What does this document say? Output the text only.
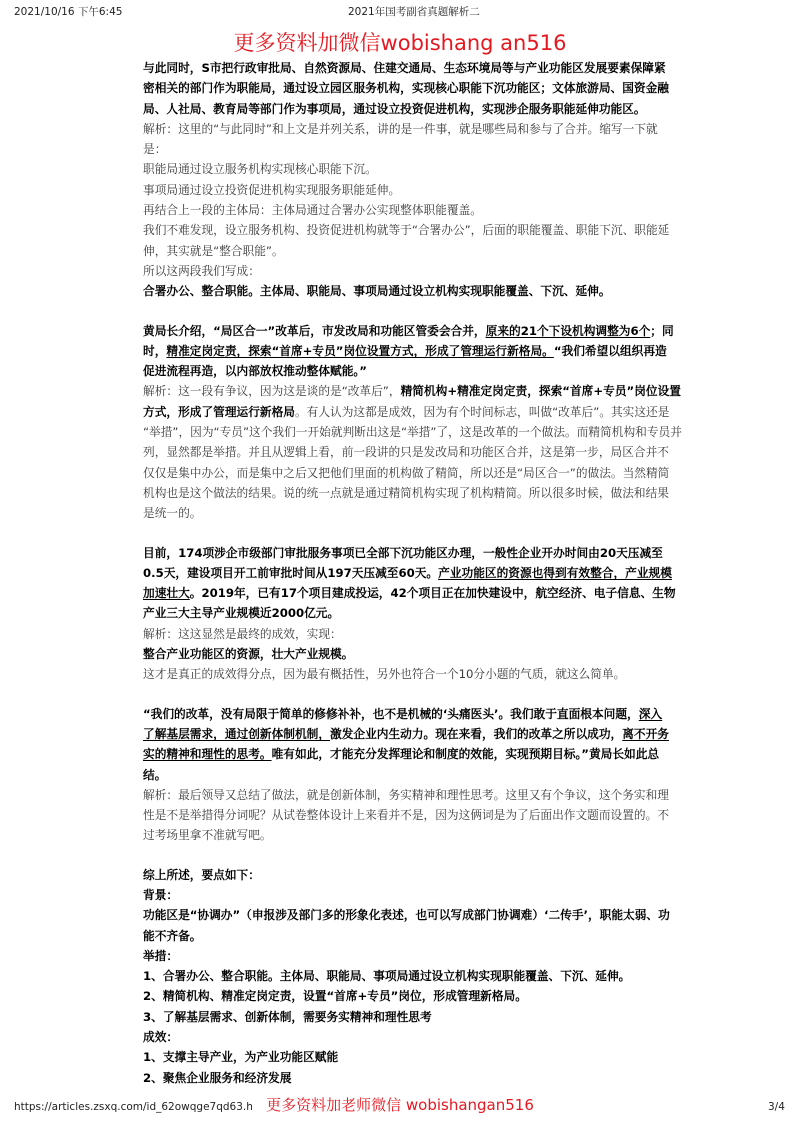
2021/10/16 下午6:45	2021年国考副省真题解析二
更多资料加微信wobishang an516
与此同时，S市把行政审批局、自然资源局、住建交通局、生态环境局等与产业功能区发展要素保障紧
密相关的部门作为职能局，通过设立园区服务机构，实现核心职能下沉功能区；文体旅游局、国资金融
局、人社局、教育局等部门作为事项局，通过设立投资促进机构，实现涉企服务职能延伸功能区。
解析：这里的“与此同时”和上文是并列关系，讲的是一件事，就是哪些局和参与了合并。缩写一下就
是：
职能局通过设立服务机构实现核心职能下沉。
事项局通过设立投资促进机构实现服务职能延伸。
再结合上一段的主体局：主体局通过合署办公实现整体职能覆盖。
我们不难发现，设立服务机构、投资促进机构就等于“合署办公”，后面的职能覆盖、职能下沉、职能延
伸，其实就是“整合职能”。
所以这两段我们写成：
合署办公、整合职能。主体局、职能局、事项局通过设立机构实现职能覆盖、下沉、延伸。
黄局长介绍，“局区合一”改革后，市发改局和功能区管委会合并，原来的21个下设机构调整为6个；同
时，精准定岗定责，探索“首席+专员”岗位设置方式，形成了管理运行新格局。“我们希望以组织再造
促进流程再造，以内部放权推动整体赋能。”
解析：这一段有争议，因为这是谈的是“改革后”，精简机构+精准定岗定责，探索“首席+专员”岗位设置
方式，形成了管理运行新格局。有人认为这都是成效，因为有个时间标志，叫做“改革后”。其实这还是
“举措”，因为“专员”这个我们一开始就判断出这是“举措”了，这是改革的一个做法。而精简机构和专员并
列，显然都是举措。并且从逻辑上看，前一段讲的只是发改局和功能区合并，这是第一步，局区合并不
仅仅是集中办公，而是集中之后又把他们里面的机构做了精简，所以还是“局区合一”的做法。当然精简
机构也是这个做法的结果。说的统一点就是通过精简机构实现了机构精简。所以很多时候，做法和结果
是统一的。
目前，174项涉企市级部门审批服务事项已全部下沉功能区办理，一般性企业开办时间由20天压减至
0.5天，建设项目开工前审批时间从197天压减至60天。产业功能区的资源也得到有效整合，产业规模
加速壮大。2019年，已有17个项目建成投运，42个项目正在加快建设中，航空经济、电子信息、生物
产业三大主导产业规模近2000亿元。
解析：这这显然是最终的成效，实现：
整合产业功能区的资源，壮大产业规模。
这才是真正的成效得分点，因为最有概括性，另外也符合一个10分小题的气质，就这么简单。
“我们的改革，没有局限于简单的修修补补，也不是机械的‘头痛医头’。我们敢于直面根本问题，深入
了解基层需求，通过创新体制机制，激发企业内生动力。现在来看，我们的改革之所以成功，离不开务
实的精神和理性的思考。唯有如此，才能充分发挥理论和制度的效能，实现预期目标。”黄局长如此总
结。
解析：最后领导又总结了做法，就是创新体制，务实精神和理性思考。这里又有个争议，这个务实和理
性是不是举措得分词呢？从试卷整体设计上来看并不是，因为这俩词是为了后面出作文题而设置的。不
过考场里拿不准就写吧。
综上所述，要点如下：
背景：
功能区是“协调办”（申报涉及部门多的形象化表述，也可以写成部门协调难）‘二传手’，职能太弱、功
能不齐备。
举措：
1、合署办公、整合职能。主体局、职能局、事项局通过设立机构实现职能覆盖、下沉、延伸。
2、精简机构、精准定岗定责，设置“首席+专员”岗位，形成管理新格局。
3、了解基层需求、创新体制，需要务实精神和理性思考
成效：
1、支撑主导产业，为产业功能区赋能
2、聚焦企业服务和经济发展
https://articles.zsxq.com/id_62owqge7qd63.h 更多资料加老师微信 wobishangan516	3/4
